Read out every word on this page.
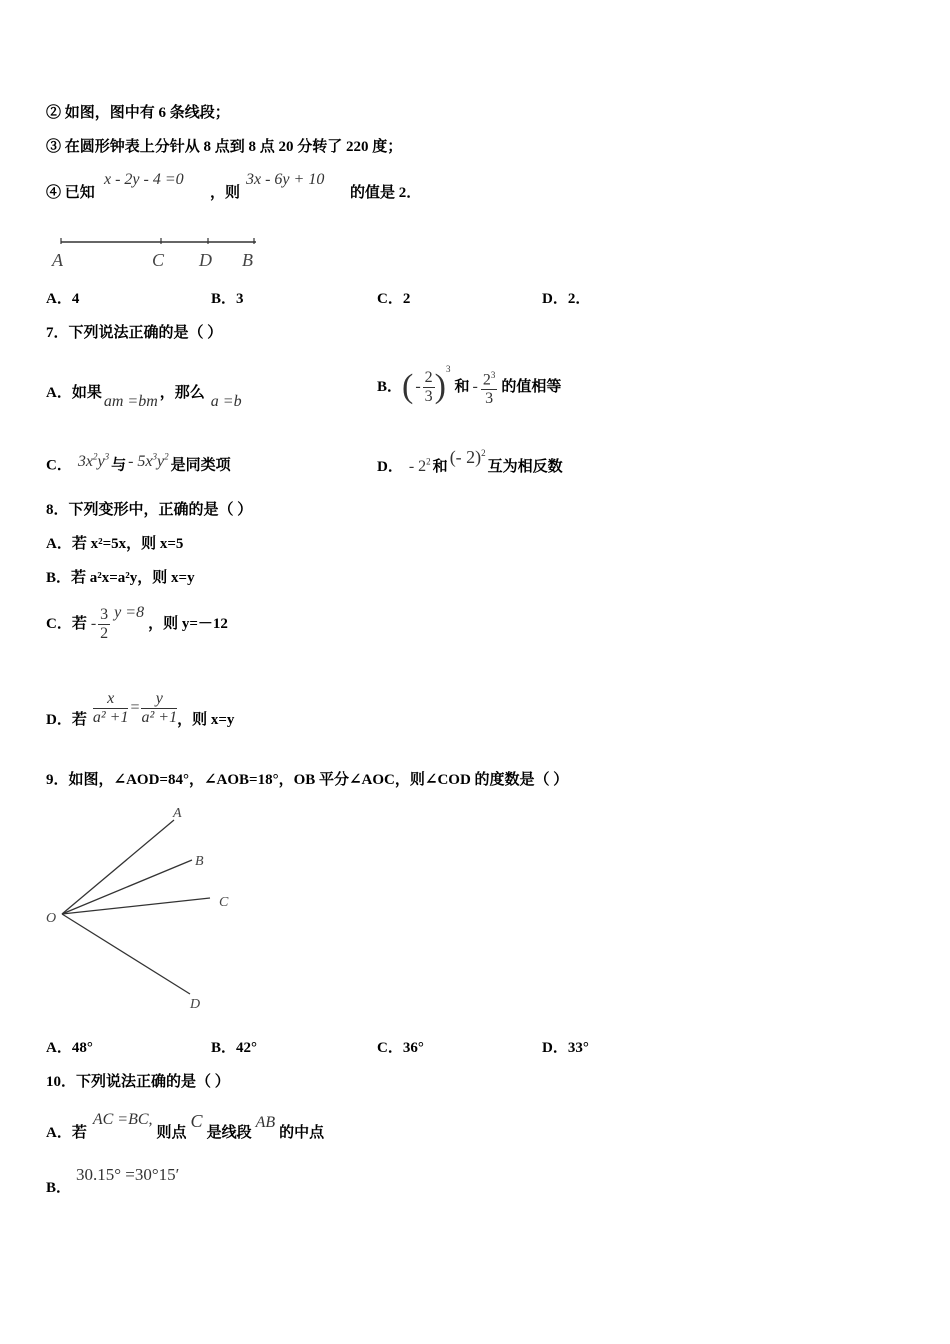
② 如图，图中有 6 条线段；
③ 在圆形钟表上分针从 8 点到 8 点 20 分转了 220 度；
④ 已知
x - 2y - 4 =0
，则
3x - 6y + 10
的值是 2．
A	C D B
A．4	B．3	C．2	D．2．
7．下列说法正确的是（ ）
A．如果 am =bm ，那么 a =b
B． ( - $\frac{2}{3} )^3$
和 - $\frac{2^3}{3}$ 的值相等
C． $3x^2y^3$与 - $5x^3y^2$是同类项	D． - $2^2$ 和 (- 2)$^2$互为相反数
8．下列变形中，正确的是（ ）
A．若 x²=5x，则 x=5
B．若 a²x=a²y，则 x=y
C．若 - $\frac{3}{2}$ y =8
，则 y=－12
D．若 $\frac{x}{\text{a² +1}} = \frac{y}{\text{a² +1}}$ ，则 x=y
9．如图，∠AOD=84°，∠AOB=18°，OB 平分∠AOC，则∠COD 的度数是（ ）
A
B
C
O
D
A．48°	B．42°	C．36°	D．33°
10．下列说法正确的是（ ）
A．若AC =BC,则点C是线段AB的中点
B．
30.15° =30°15′
